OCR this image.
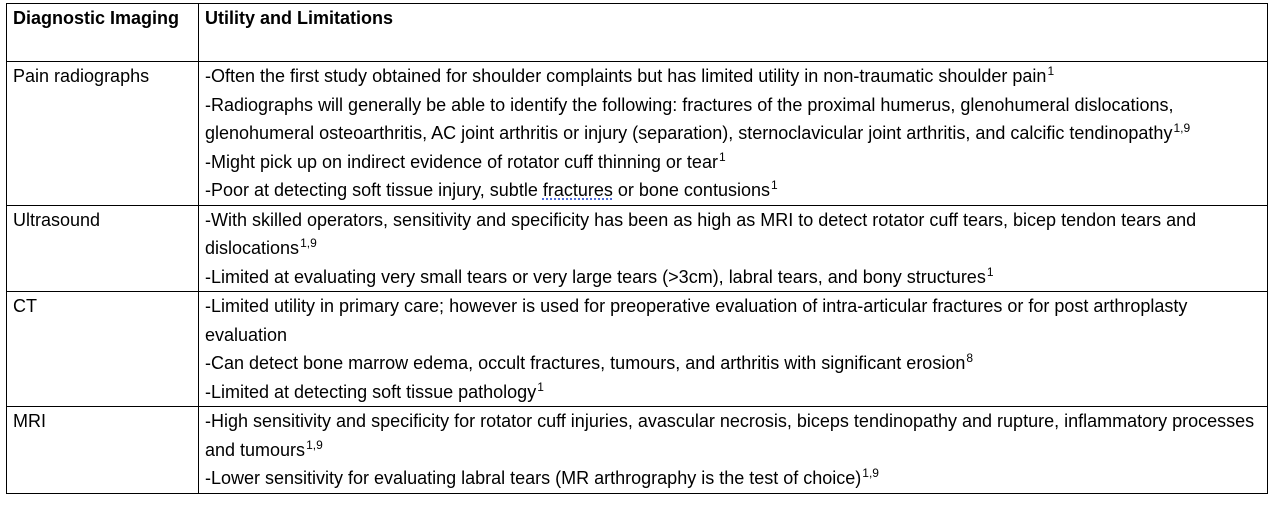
Diagnostic Imaging	Utility and Limitations
Pain radiographs	-Often the first study obtained for shoulder complaints but has limited utility in non-traumatic shoulder pain$^1$
-Radiographs will generally be able to identify the following: fractures of the proximal humerus, glenohumeral dislocations, glenohumeral osteoarthritis, AC joint arthritis or injury (separation), sternoclavicular joint arthritis, and calcific tendinopathy$^{1,9}$
-Might pick up on indirect evidence of rotator cuff thinning or tear$^1$
-Poor at detecting soft tissue injury, subtle fractures or bone contusions$^1$

Ultrasound	-With skilled operators, sensitivity and specificity has been as high as MRI to detect rotator cuff tears, bicep tendon tears and dislocations$^{1,9}$
-Limited at evaluating very small tears or very large tears (>3cm), labral tears, and bony structures$^1$

CT	-Limited utility in primary care; however is used for preoperative evaluation of intra-articular fractures or for post arthroplasty evaluation
-Can detect bone marrow edema, occult fractures, tumours, and arthritis with significant erosion$^8$
-Limited at detecting soft tissue pathology$^1$

MRI	-High sensitivity and specificity for rotator cuff injuries, avascular necrosis, biceps tendinopathy and rupture, inflammatory processes and tumours$^{1,9}$
-Lower sensitivity for evaluating labral tears (MR arthrography is the test of choice)$^{1,9}$
